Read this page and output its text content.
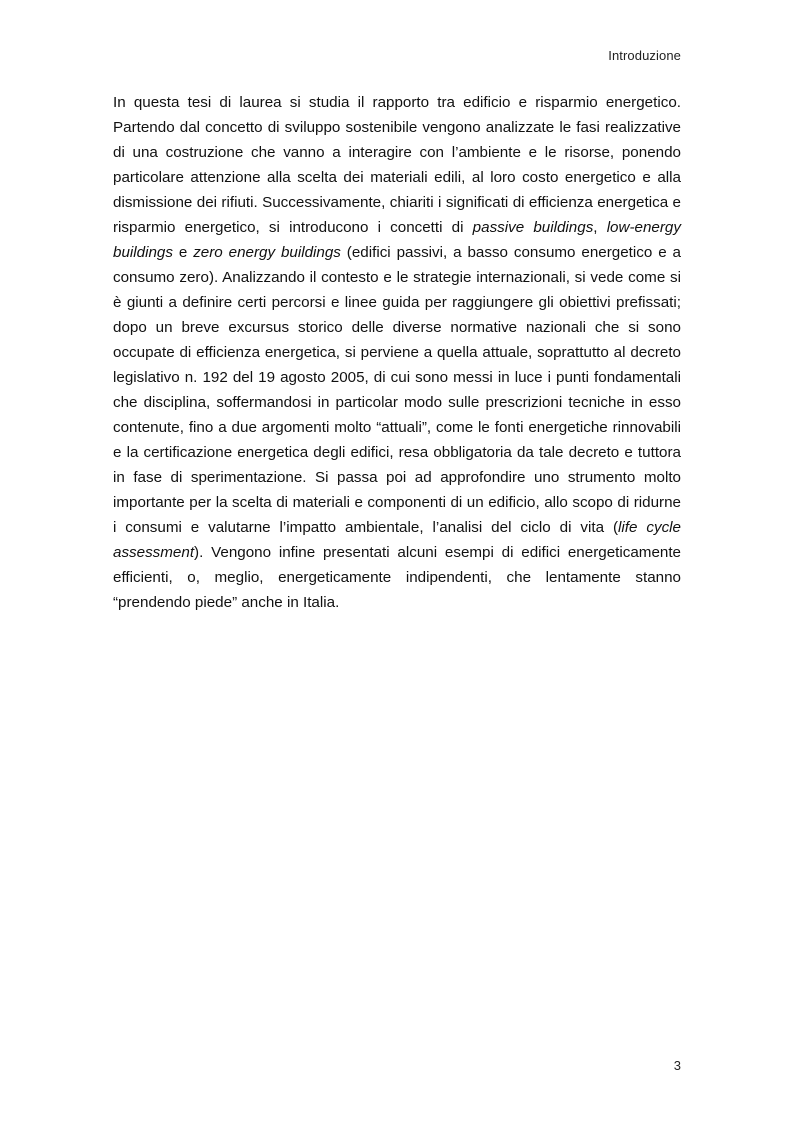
Introduzione

In questa tesi di laurea si studia il rapporto tra edificio e risparmio energetico. Partendo dal concetto di sviluppo sostenibile vengono analizzate le fasi realizzative di una costruzione che vanno a interagire con l’ambiente e le risorse, ponendo particolare attenzione alla scelta dei materiali edili, al loro costo energetico e alla dismissione dei rifiuti. Successivamente, chiariti i significati di efficienza energetica e risparmio energetico, si introducono i concetti di passive buildings, low-energy buildings e zero energy buildings (edifici passivi, a basso consumo energetico e a consumo zero). Analizzando il contesto e le strategie internazionali, si vede come si è giunti a definire certi percorsi e linee guida per raggiungere gli obiettivi prefissati; dopo un breve excursus storico delle diverse normative nazionali che si sono occupate di efficienza energetica, si perviene a quella attuale, soprattutto al decreto legislativo n. 192 del 19 agosto 2005, di cui sono messi in luce i punti fondamentali che disciplina, soffermandosi in particolar modo sulle prescrizioni tecniche in esso contenute, fino a due argomenti molto “attuali”, come le fonti energetiche rinnovabili e la certificazione energetica degli edifici, resa obbligatoria da tale decreto e tuttora in fase di sperimentazione. Si passa poi ad approfondire uno strumento molto importante per la scelta di materiali e componenti di un edificio, allo scopo di ridurne i consumi e valutarne l’impatto ambientale, l’analisi del ciclo di vita (life cycle assessment). Vengono infine presentati alcuni esempi di edifici energeticamente efficienti, o, meglio, energeticamente indipendenti, che lentamente stanno “prendendo piede” anche in Italia.

3
